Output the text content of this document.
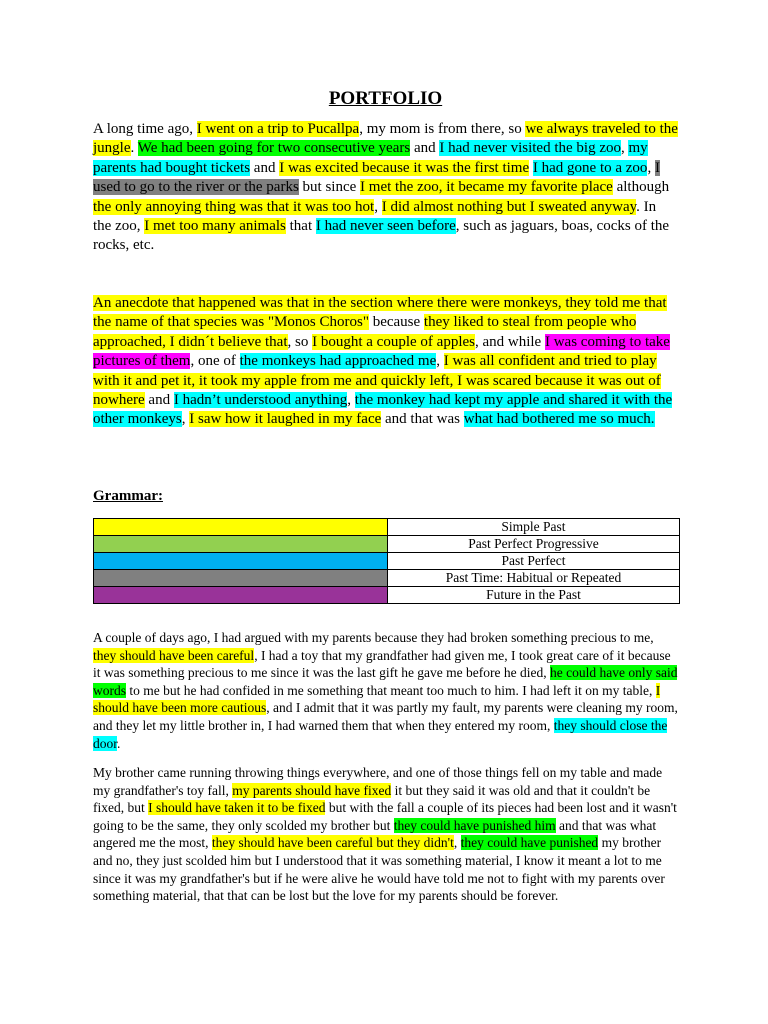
PORTFOLIO

A long time ago, I went on a trip to Pucallpa, my mom is from there, so we always traveled to the jungle. We had been going for two consecutive years and I had never visited the big zoo, my parents had bought tickets and I was excited because it was the first time I had gone to a zoo, I used to go to the river or the parks but since I met the zoo, it became my favorite place although the only annoying thing was that it was too hot, I did almost nothing but I sweated anyway. In the zoo, I met too many animals that I had never seen before, such as jaguars, boas, cocks of the rocks, etc.

An anecdote that happened was that in the section where there were monkeys, they told me that the name of that species was "Monos Choros" because they liked to steal from people who approached, I didn´t believe that, so I bought a couple of apples, and while I was coming to take pictures of them, one of the monkeys had approached me, I was all confident and tried to play with it and pet it, it took my apple from me and quickly left, I was scared because it was out of nowhere and I hadn’t understood anything, the monkey had kept my apple and shared it with the other monkeys, I saw how it laughed in my face and that was what had bothered me so much.

Grammar:
	Simple Past
	Past Perfect Progressive
	Past Perfect
	Past Time: Habitual or Repeated
	Future in the Past

A couple of days ago, I had argued with my parents because they had broken something precious to me, they should have been careful, I had a toy that my grandfather had given me, I took great care of it because it was something precious to me since it was the last gift he gave me before he died, he could have only said words to me but he had confided in me something that meant too much to him. I had left it on my table, I should have been more cautious, and I admit that it was partly my fault, my parents were cleaning my room, and they let my little brother in, I had warned them that when they entered my room, they should close the door.

My brother came running throwing things everywhere, and one of those things fell on my table and made my grandfather's toy fall, my parents should have fixed it but they said it was old and that it couldn't be fixed, but I should have taken it to be fixed but with the fall a couple of its pieces had been lost and it wasn't going to be the same, they only scolded my brother but they could have punished him and that was what angered me the most, they should have been careful but they didn't, they could have punished my brother and no, they just scolded him but I understood that it was something material, I know it meant a lot to me since it was my grandfather's but if he were alive he would have told me not to fight with my parents over something material, that that can be lost but the love for my parents should be forever.
